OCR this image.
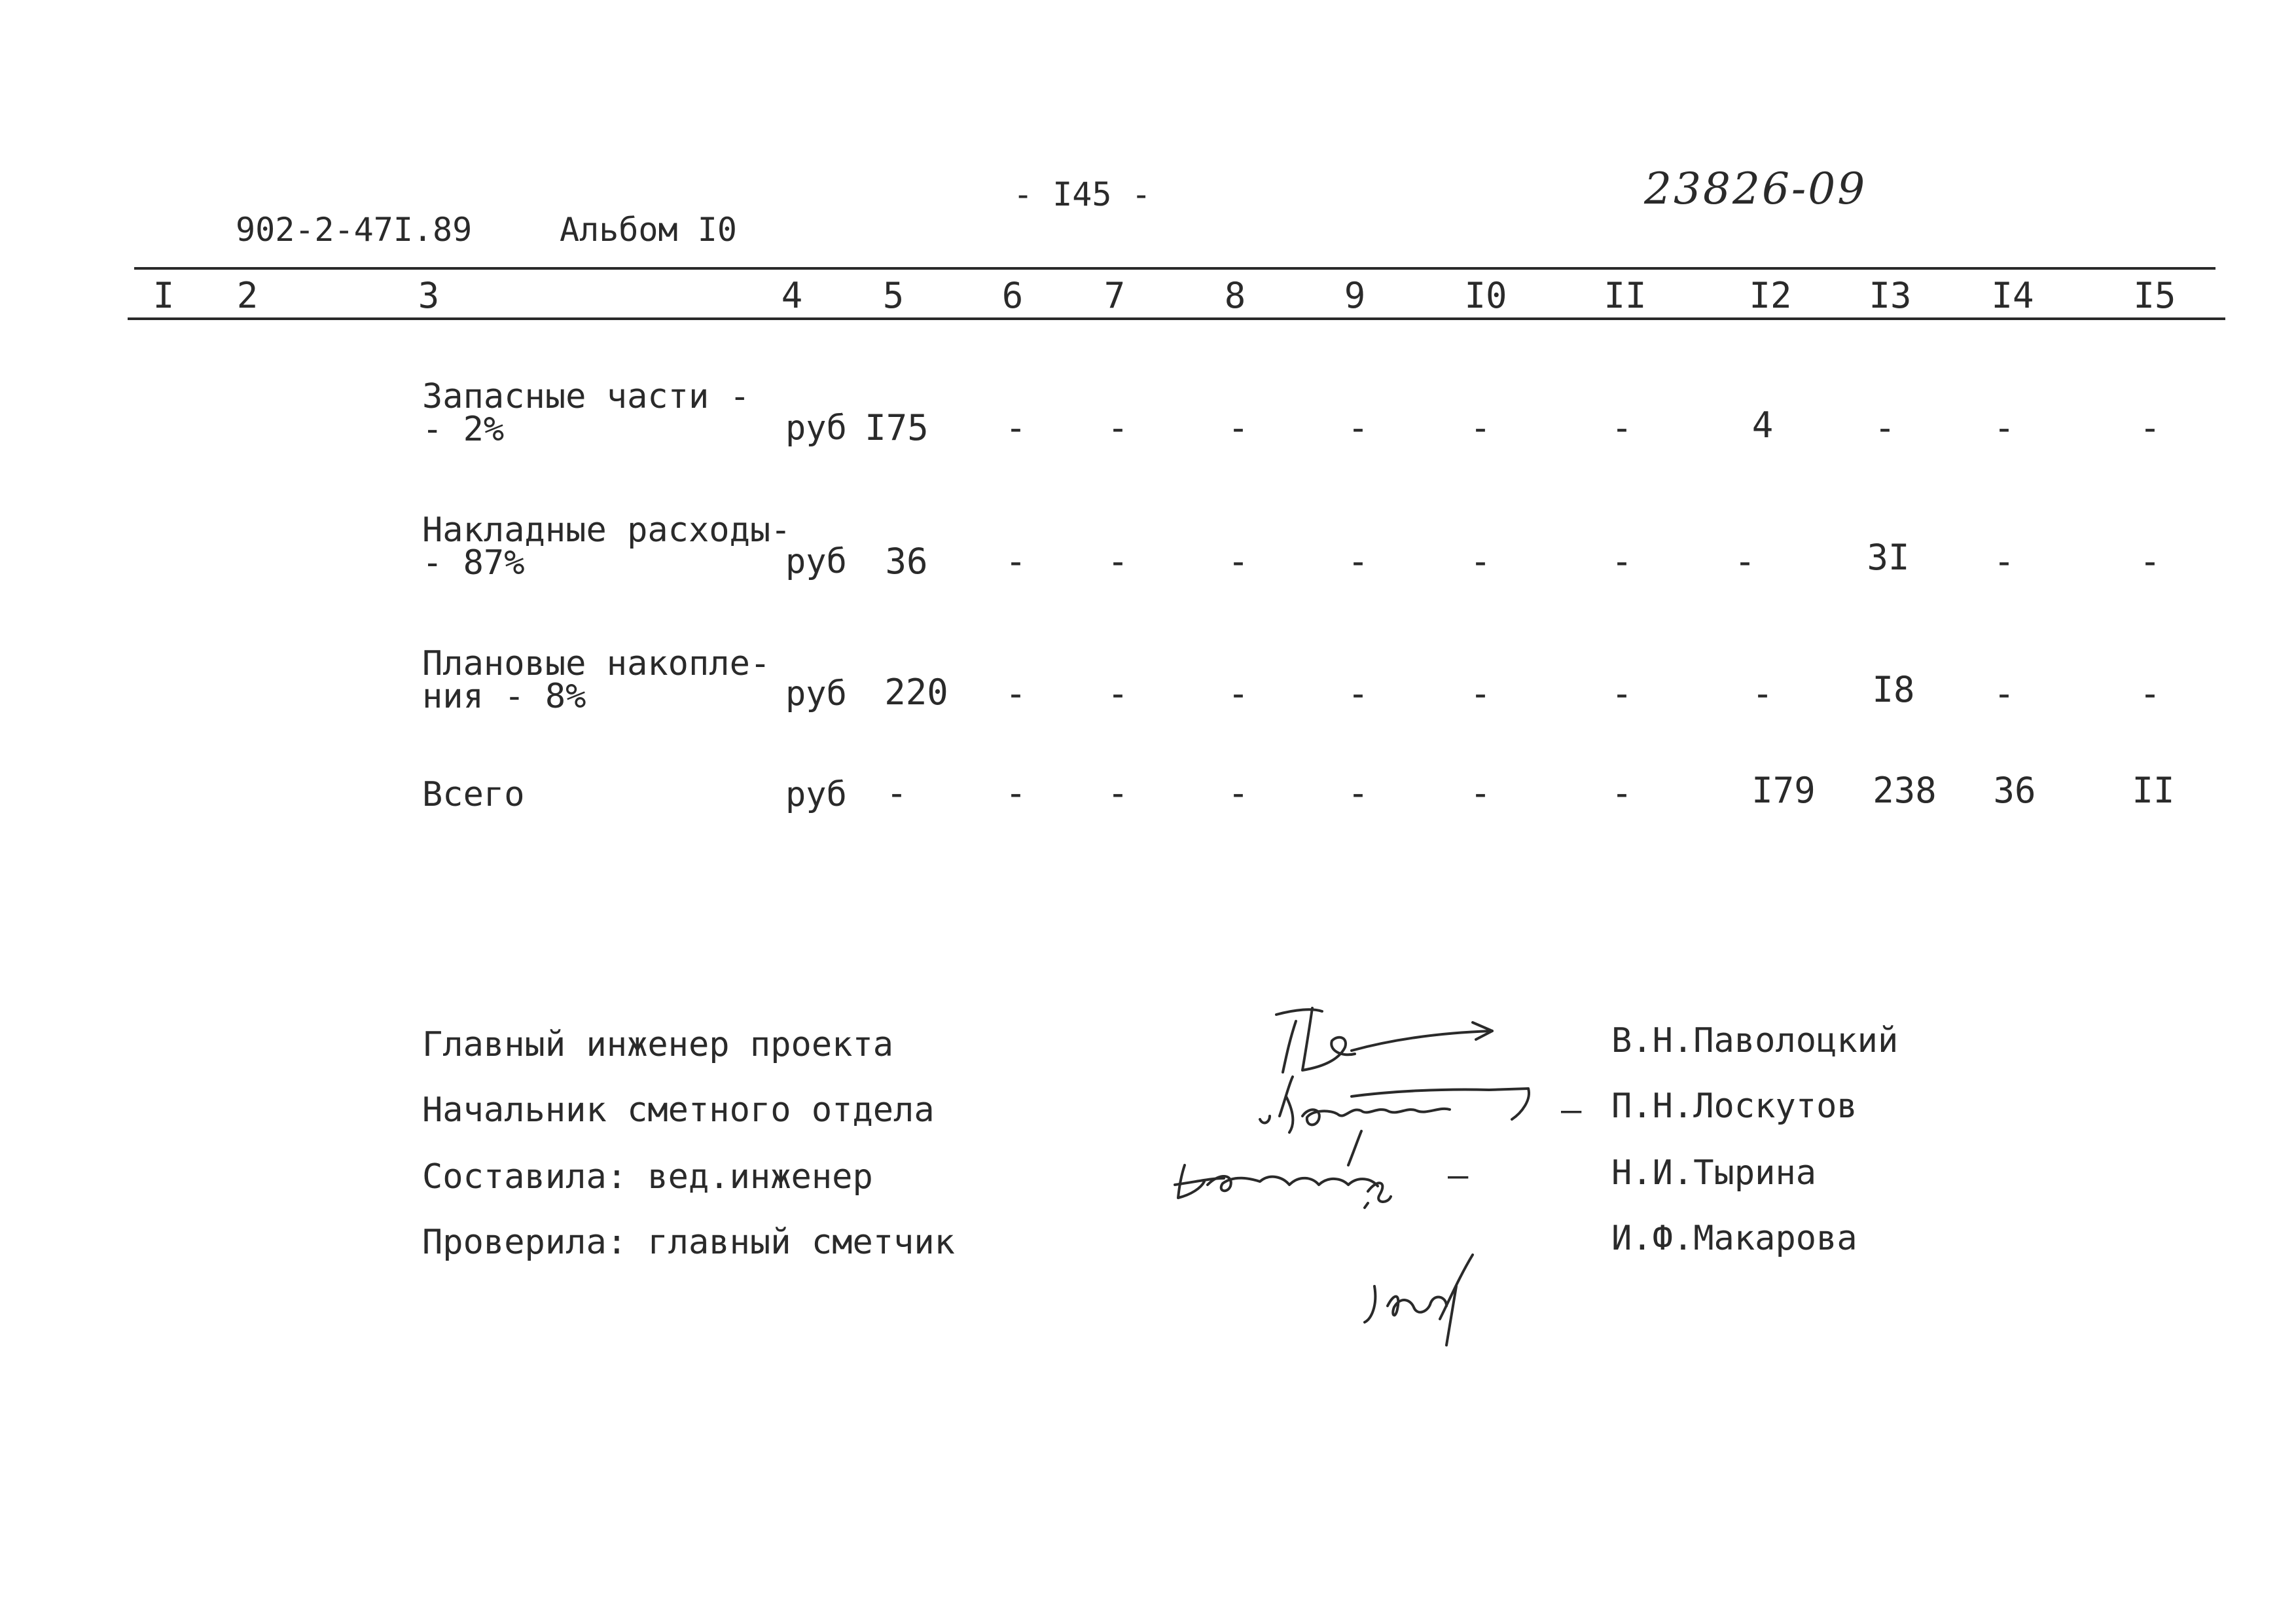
902-2-47I.89	Альбом I0
- I45 -	23826-09
I	2	3	4	5	6	7	8	9	I0	II	I2	I3	I4	I5
Запасные части -
- 2%	руб I75	-	-	-	-	-	-	4	-	-	-
Накладные расходы-
- 87%	руб	36	-	-	-	-	-	-	-	3I	-	-
Плановые накопле-
ния - 8%	руб	220	-	-	-	-	-	-	-	I8	-	-
Всего	руб	-	-	-	-	-	-	-	I79	238	36	II
Главный инженер проекта
Начальник сметного отдела
Составила: вед.инженер
Проверила: главный сметчик
–
–
В.Н.Паволоцкий
П.Н.Лоскутов
Н.И.Тырина
И.Ф.Макарова
